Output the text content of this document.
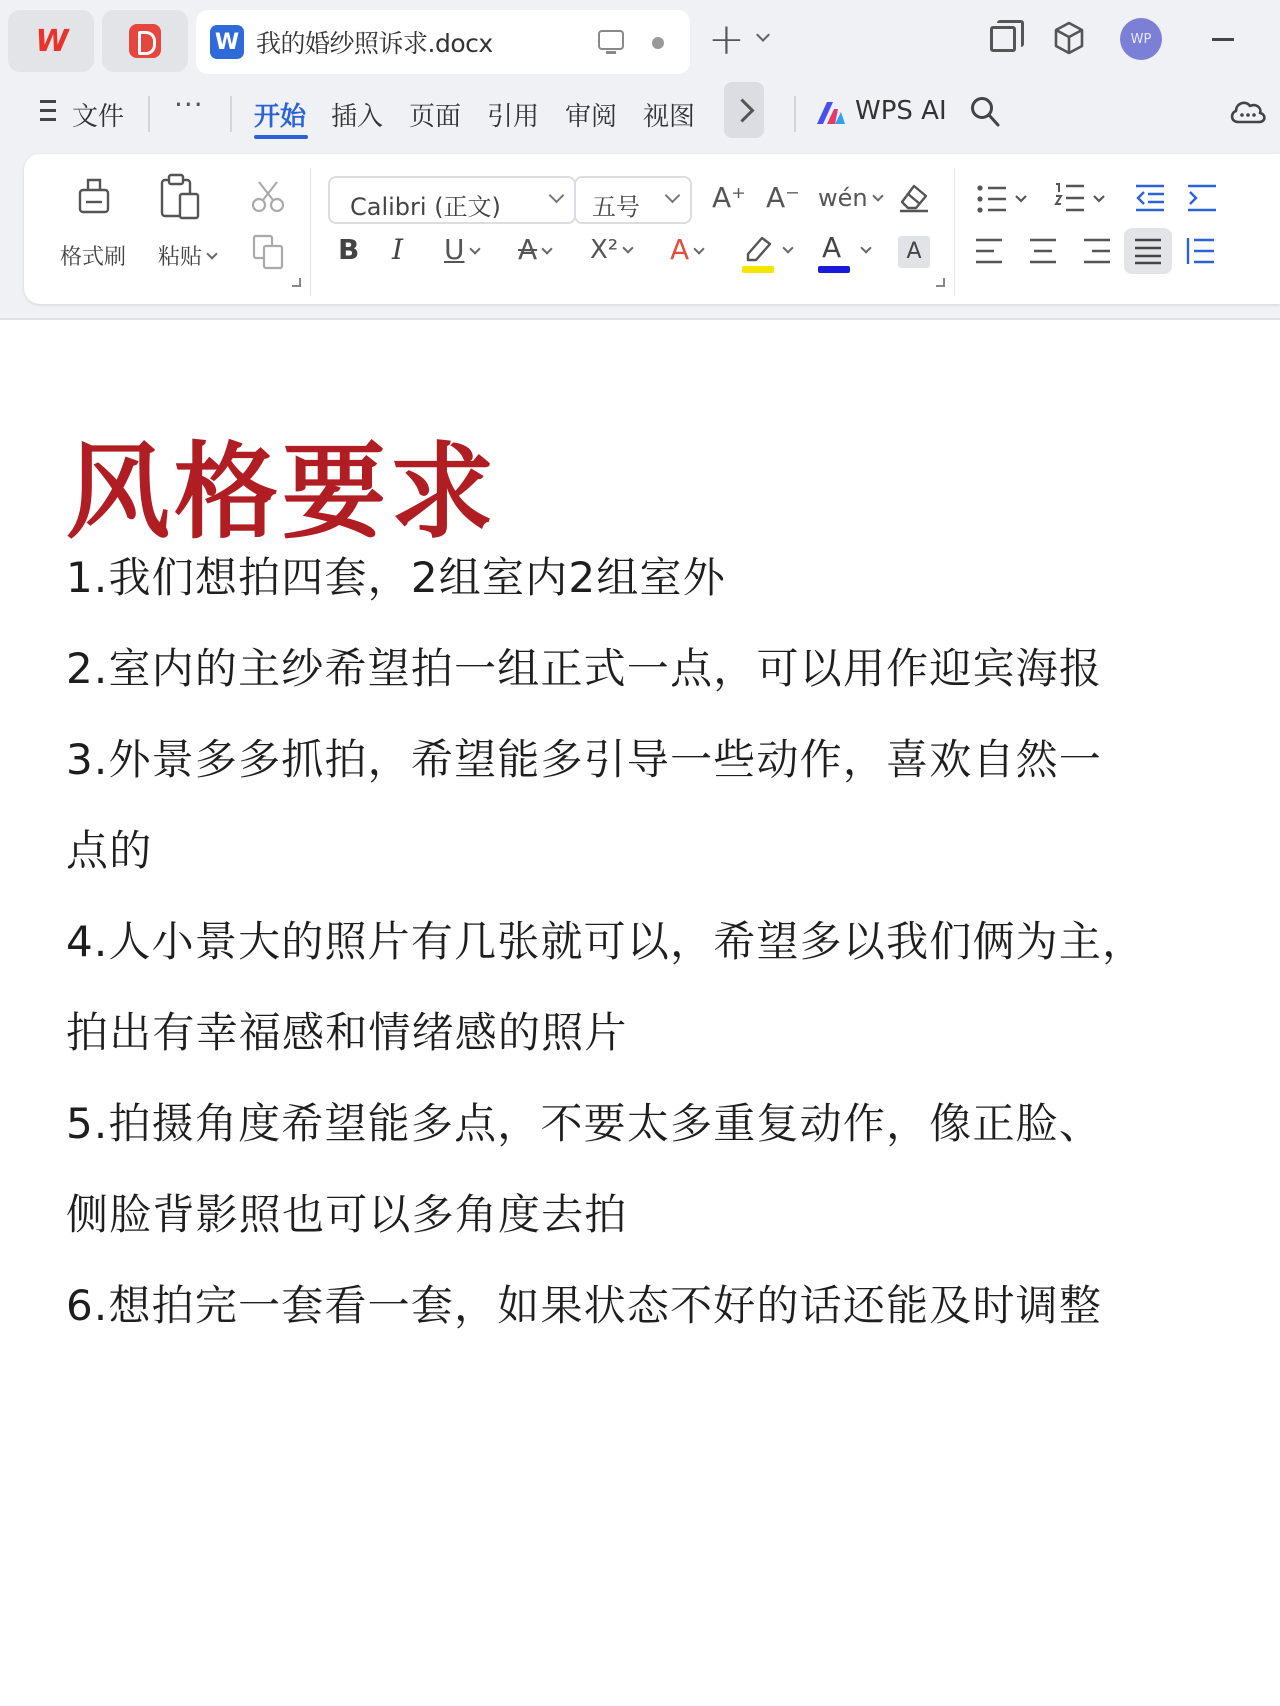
W	W 我的婚纱照诉求.docx	+	WP
文件 ··· 开始 插入 页面 引用 审阅 视图	WPS AI
格式刷 粘贴
Calibri (正文)	五号	A⁺ A⁻ wén
B I U	A	X²	A	A	A
风格要求

1.我们想拍四套，2组室内2组室外

2.室内的主纱希望拍一组正式一点，可以用作迎宾海报

3.外景多多抓拍，希望能多引导一些动作，喜欢自然一

点的

4.人小景大的照片有几张就可以，希望多以我们俩为主，

拍出有幸福感和情绪感的照片

5.拍摄角度希望能多点，不要太多重复动作，像正脸、

侧脸背影照也可以多角度去拍

6.想拍完一套看一套，如果状态不好的话还能及时调整
